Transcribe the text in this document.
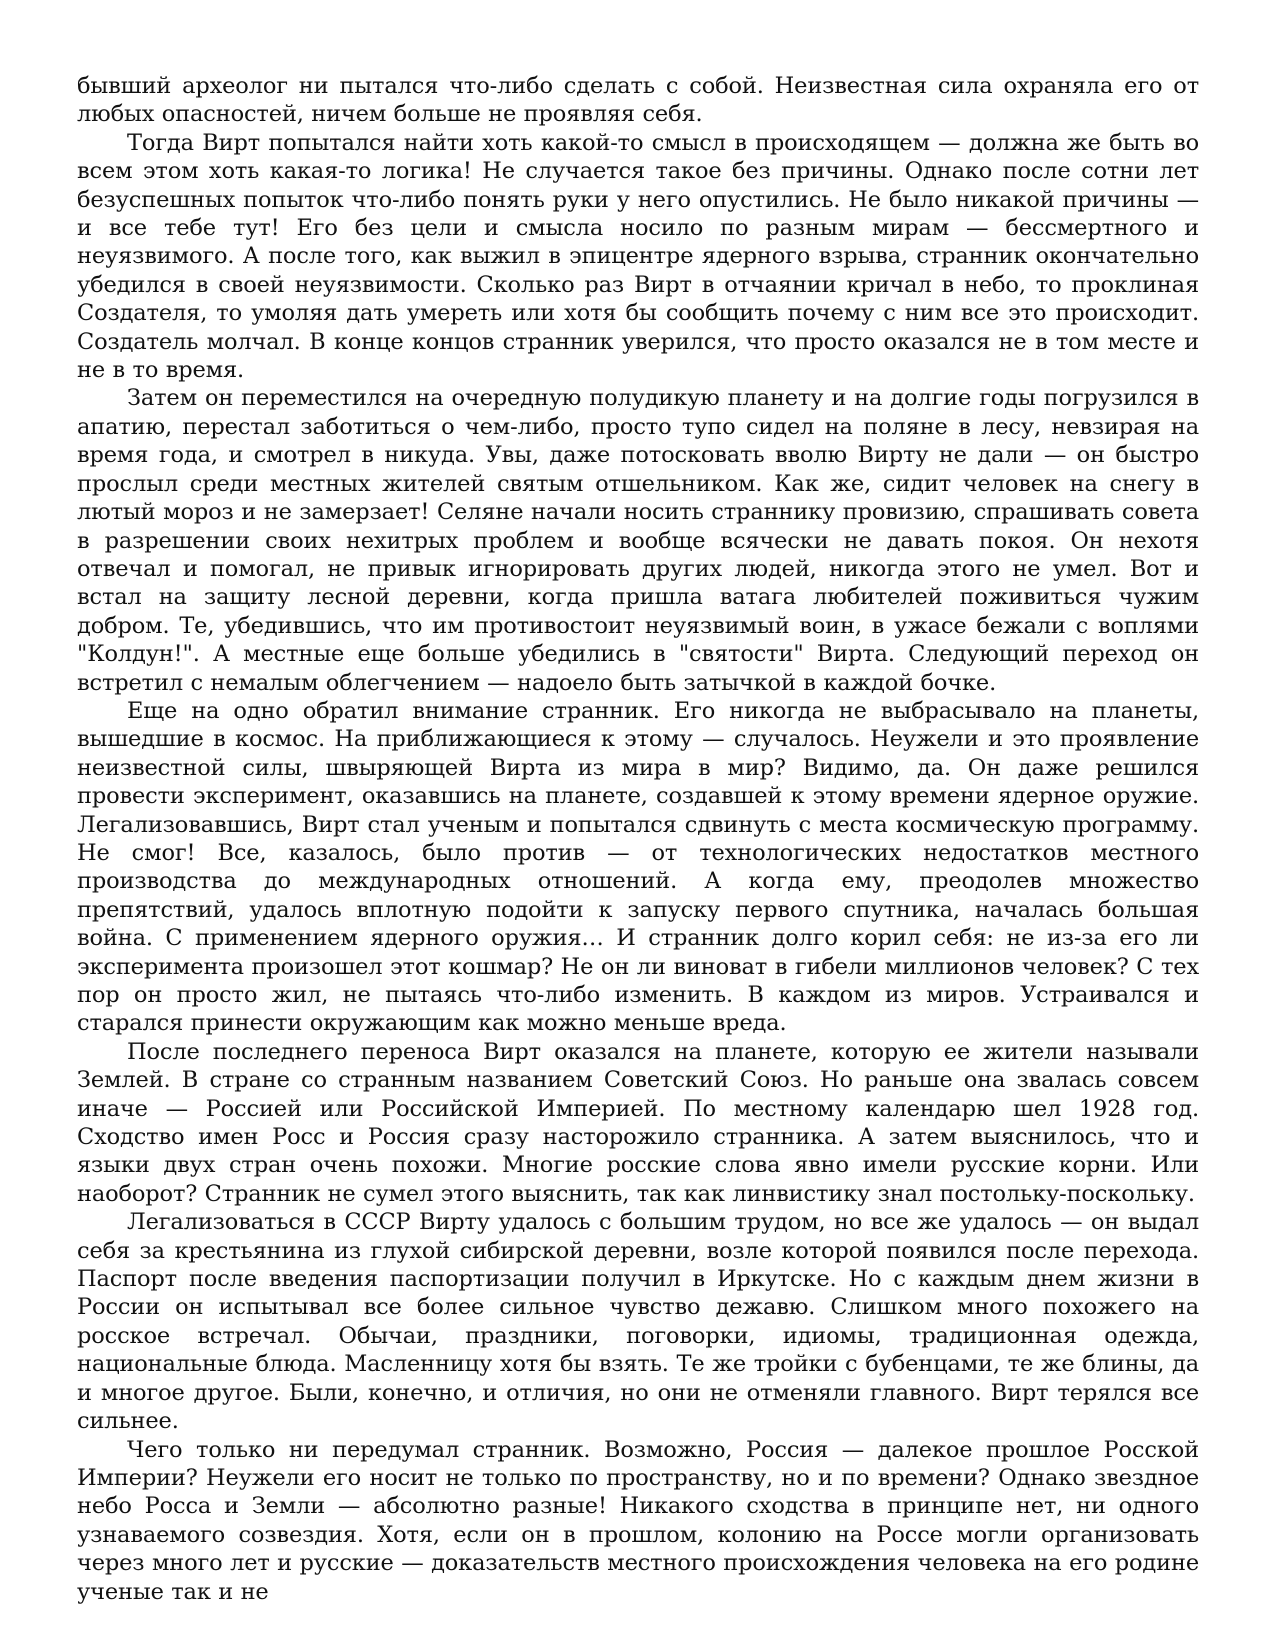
бывший археолог ни пытался что-либо сделать с собой. Неизвестная сила охраняла его от любых опасностей, ничем больше не проявляя себя.

Тогда Вирт попытался найти хоть какой-то смысл в происходящем — должна же быть во всем этом хоть какая-то логика! Не случается такое без причины. Однако после сотни лет безуспешных попыток что-либо понять руки у него опустились. Не было никакой причины — и все тебе тут! Его без цели и смысла носило по разным мирам — бессмертного и неуязвимого. А после того, как выжил в эпицентре ядерного взрыва, странник окончательно убедился в своей неуязвимости. Сколько раз Вирт в отчаянии кричал в небо, то проклиная Создателя, то умоляя дать умереть или хотя бы сообщить почему с ним все это происходит. Создатель молчал. В конце концов странник уверился, что просто оказался не в том месте и не в то время.

Затем он переместился на очередную полудикую планету и на долгие годы погрузился в апатию, перестал заботиться о чем-либо, просто тупо сидел на поляне в лесу, невзирая на время года, и смотрел в никуда. Увы, даже потосковать вволю Вирту не дали — он быстро прослыл среди местных жителей святым отшельником. Как же, сидит человек на снегу в лютый мороз и не замерзает! Селяне начали носить страннику провизию, спрашивать совета в разрешении своих нехитрых проблем и вообще всячески не давать покоя. Он нехотя отвечал и помогал, не привык игнорировать других людей, никогда этого не умел. Вот и встал на защиту лесной деревни, когда пришла ватага любителей поживиться чужим добром. Те, убедившись, что им противостоит неуязвимый воин, в ужасе бежали с воплями "Колдун!". А местные еще больше убедились в "святости" Вирта. Следующий переход он встретил с немалым облегчением — надоело быть затычкой в каждой бочке.

Еще на одно обратил внимание странник. Его никогда не выбрасывало на планеты, вышедшие в космос. На приближающиеся к этому — случалось. Неужели и это проявление неизвестной силы, швыряющей Вирта из мира в мир? Видимо, да. Он даже решился провести эксперимент, оказавшись на планете, создавшей к этому времени ядерное оружие. Легализовавшись, Вирт стал ученым и попытался сдвинуть с места космическую программу. Не смог! Все, казалось, было против — от технологических недостатков местного производства до международных отношений. А когда ему, преодолев множество препятствий, удалось вплотную подойти к запуску первого спутника, началась большая война. С применением ядерного оружия… И странник долго корил себя: не из-за его ли эксперимента произошел этот кошмар? Не он ли виноват в гибели миллионов человек? С тех пор он просто жил, не пытаясь что-либо изменить. В каждом из миров. Устраивался и старался принести окружающим как можно меньше вреда.

После последнего переноса Вирт оказался на планете, которую ее жители называли Землей. В стране со странным названием Советский Союз. Но раньше она звалась совсем иначе — Россией или Российской Империей. По местному календарю шел 1928 год. Сходство имен Росс и Россия сразу насторожило странника. А затем выяснилось, что и языки двух стран очень похожи. Многие росские слова явно имели русские корни. Или наоборот? Странник не сумел этого выяснить, так как линвистику знал постольку-поскольку.

Легализоваться в СССР Вирту удалось с большим трудом, но все же удалось — он выдал себя за крестьянина из глухой сибирской деревни, возле которой появился после перехода. Паспорт после введения паспортизации получил в Иркутске. Но с каждым днем жизни в России он испытывал все более сильное чувство дежавю. Слишком много похожего на росское встречал. Обычаи, праздники, поговорки, идиомы, традиционная одежда, национальные блюда. Масленницу хотя бы взять. Те же тройки с бубенцами, те же блины, да и многое другое. Были, конечно, и отличия, но они не отменяли главного. Вирт терялся все сильнее.

Чего только ни передумал странник. Возможно, Россия — далекое прошлое Росской Империи? Неужели его носит не только по пространству, но и по времени? Однако звездное небо Росса и Земли — абсолютно разные! Никакого сходства в принципе нет, ни одного узнаваемого созвездия. Хотя, если он в прошлом, колонию на Россе могли организовать через много лет и русские — доказательств местного происхождения человека на его родине ученые так и не
